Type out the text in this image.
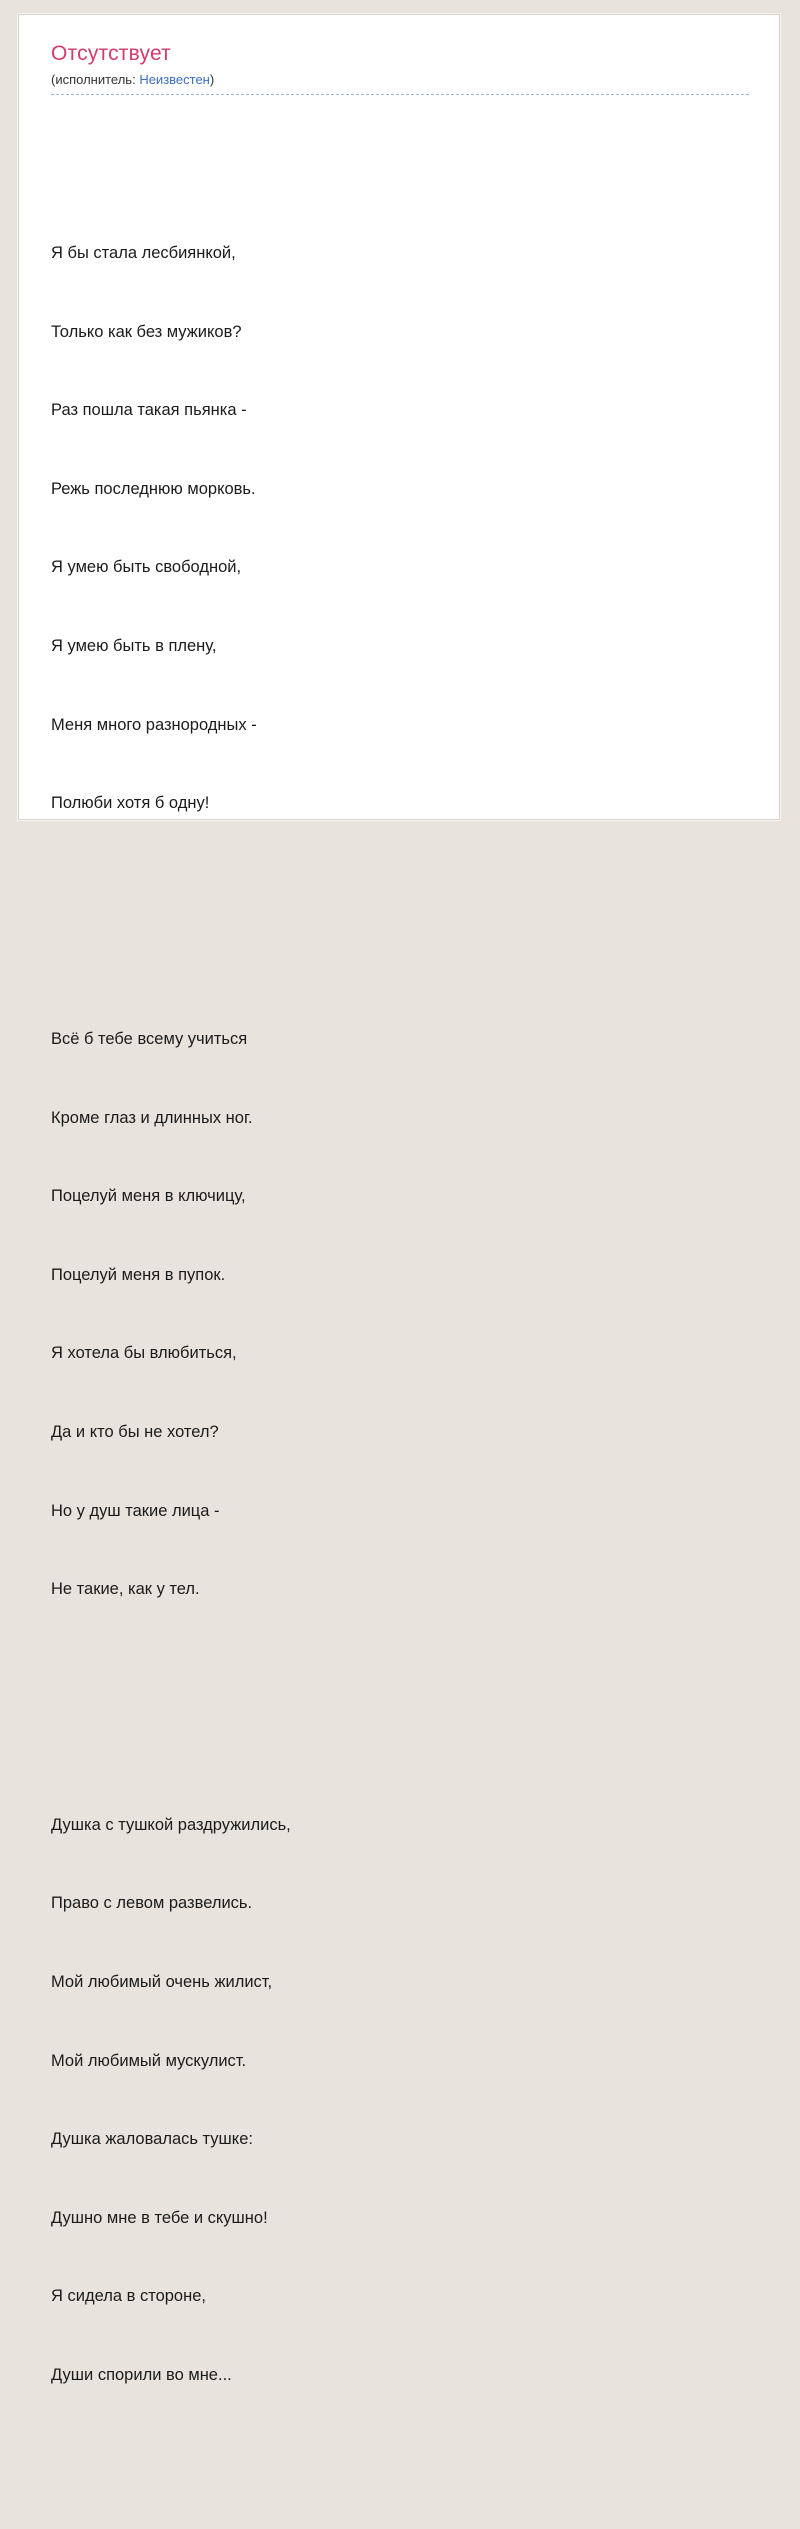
Отсутствует
(исполнитель: Неизвестен)

Я бы стала лесбиянкой,

Только как без мужиков?

Раз пошла такая пьянка -

Режь последнюю морковь.

Я умею быть свободной,

Я умею быть в плену,

Меня много разнородных -

Полюби хотя б одну!

Всё б тебе всему учиться

Кроме глаз и длинных ног.

Поцелуй меня в ключицу,

Поцелуй меня в пупок.

Я хотела бы влюбиться,

Да и кто бы не хотел?

Но у душ такие лица -

Не такие, как у тел.

Душка с тушкой раздружились,

Право с левом развелись.

Мой любимый очень жилист,

Мой любимый мускулист.

Душка жаловалась тушке:

Душно мне в тебе и скушно!

Я сидела в стороне,

Души спорили во мне...
